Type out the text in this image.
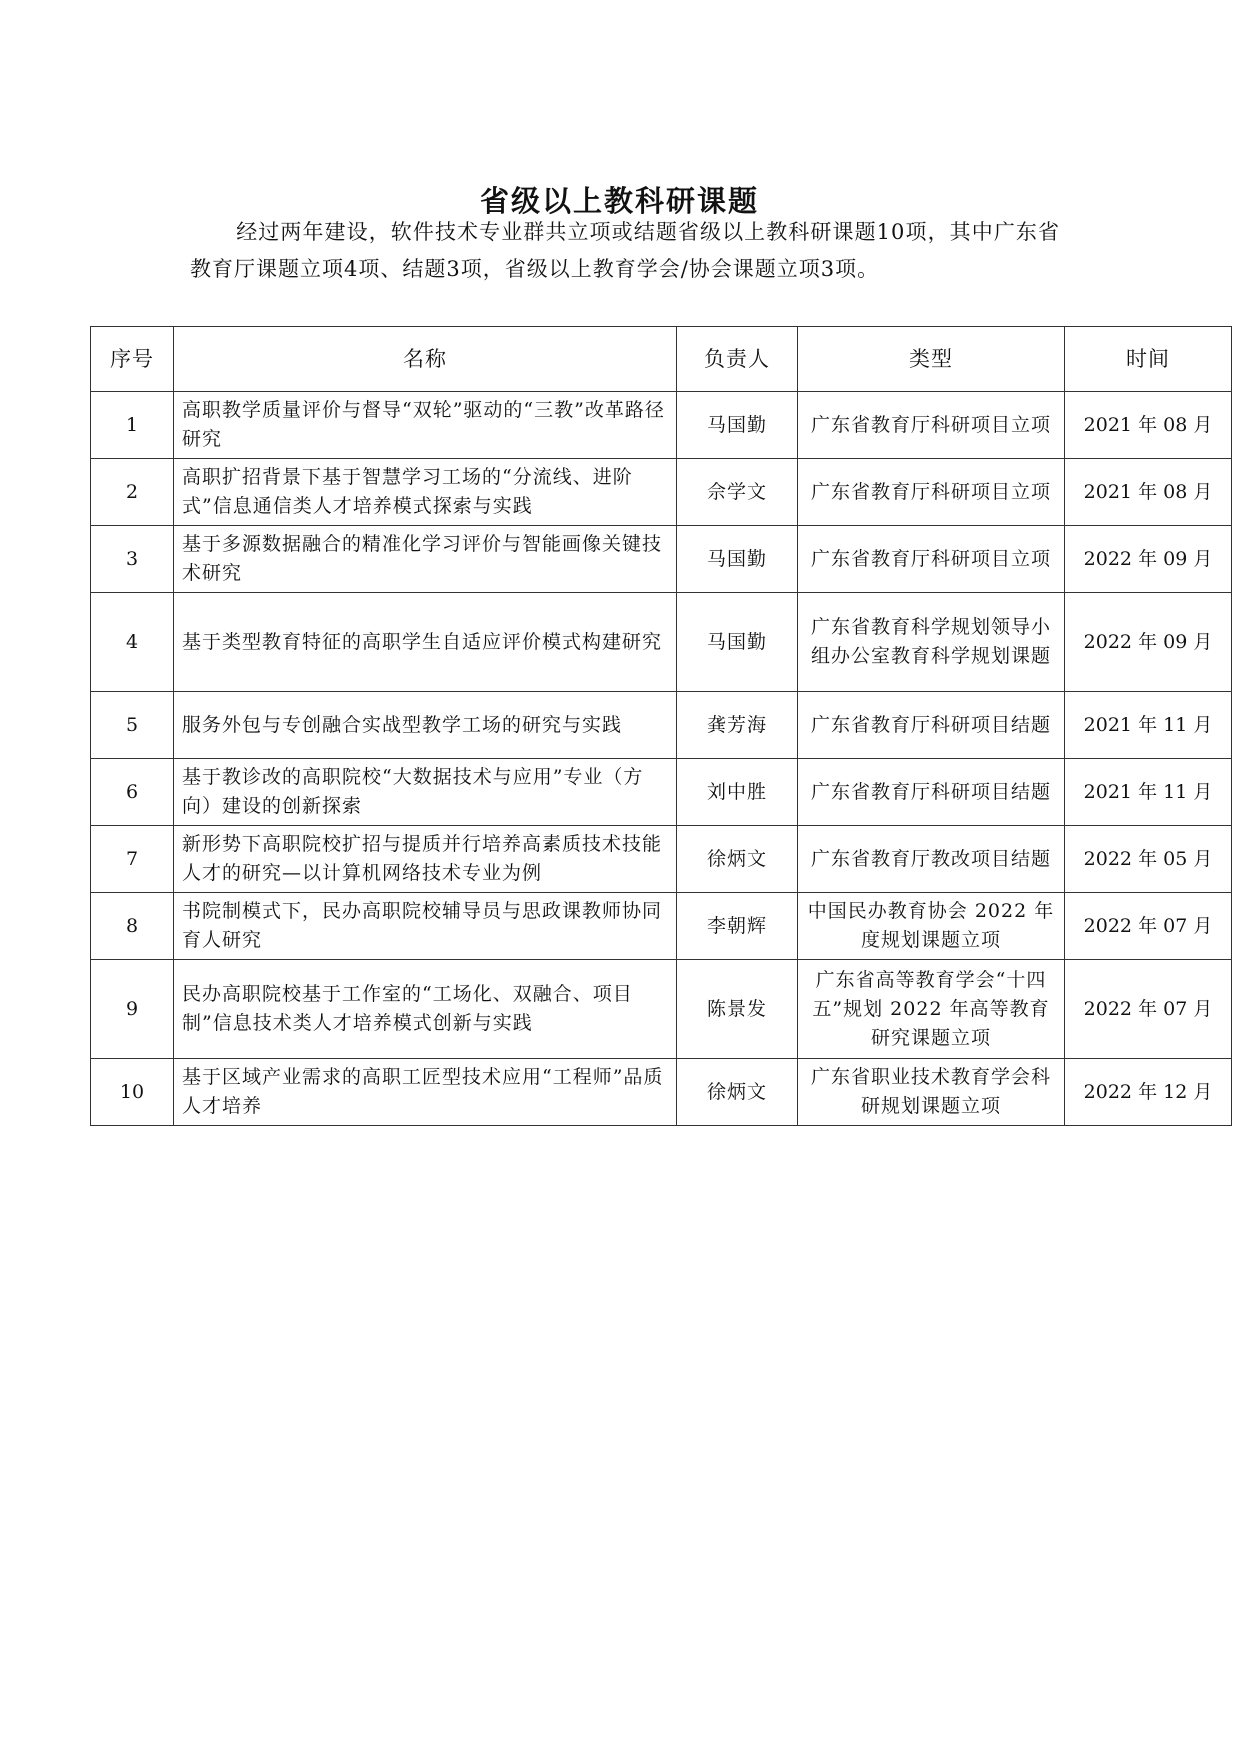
省级以上教科研课题

经过两年建设，软件技术专业群共立项或结题省级以上教科研课题10项，其中广东省教育厅课题立项4项、结题3项，省级以上教育学会/协会课题立项3项。

序号	名称	负责人	类型	时间
1	高职教学质量评价与督导“双轮”驱动的“三教”改革路径研究	马国勤	广东省教育厅科研项目立项	2021 年 08 月
2	高职扩招背景下基于智慧学习工场的“分流线、进阶式”信息通信类人才培养模式探索与实践	佘学文	广东省教育厅科研项目立项	2021 年 08 月
3	基于多源数据融合的精准化学习评价与智能画像关键技术研究	马国勤	广东省教育厅科研项目立项	2022 年 09 月
4	基于类型教育特征的高职学生自适应评价模式构建研究	马国勤	广东省教育科学规划领导小组办公室教育科学规划课题	2022 年 09 月
5	服务外包与专创融合实战型教学工场的研究与实践	龚芳海	广东省教育厅科研项目结题	2021 年 11 月
6	基于教诊改的高职院校“大数据技术与应用”专业（方向）建设的创新探索	刘中胜	广东省教育厅科研项目结题	2021 年 11 月
7	新形势下高职院校扩招与提质并行培养高素质技术技能人才的研究—以计算机网络技术专业为例	徐炳文	广东省教育厅教改项目结题	2022 年 05 月
8	书院制模式下，民办高职院校辅导员与思政课教师协同育人研究	李朝辉	中国民办教育协会 2022 年度规划课题立项	2022 年 07 月
9	民办高职院校基于工作室的“工场化、双融合、项目制”信息技术类人才培养模式创新与实践	陈景发	广东省高等教育学会“十四五”规划 2022 年高等教育研究课题立项	2022 年 07 月
10	基于区域产业需求的高职工匠型技术应用“工程师”品质人才培养	徐炳文	广东省职业技术教育学会科研规划课题立项	2022 年 12 月
